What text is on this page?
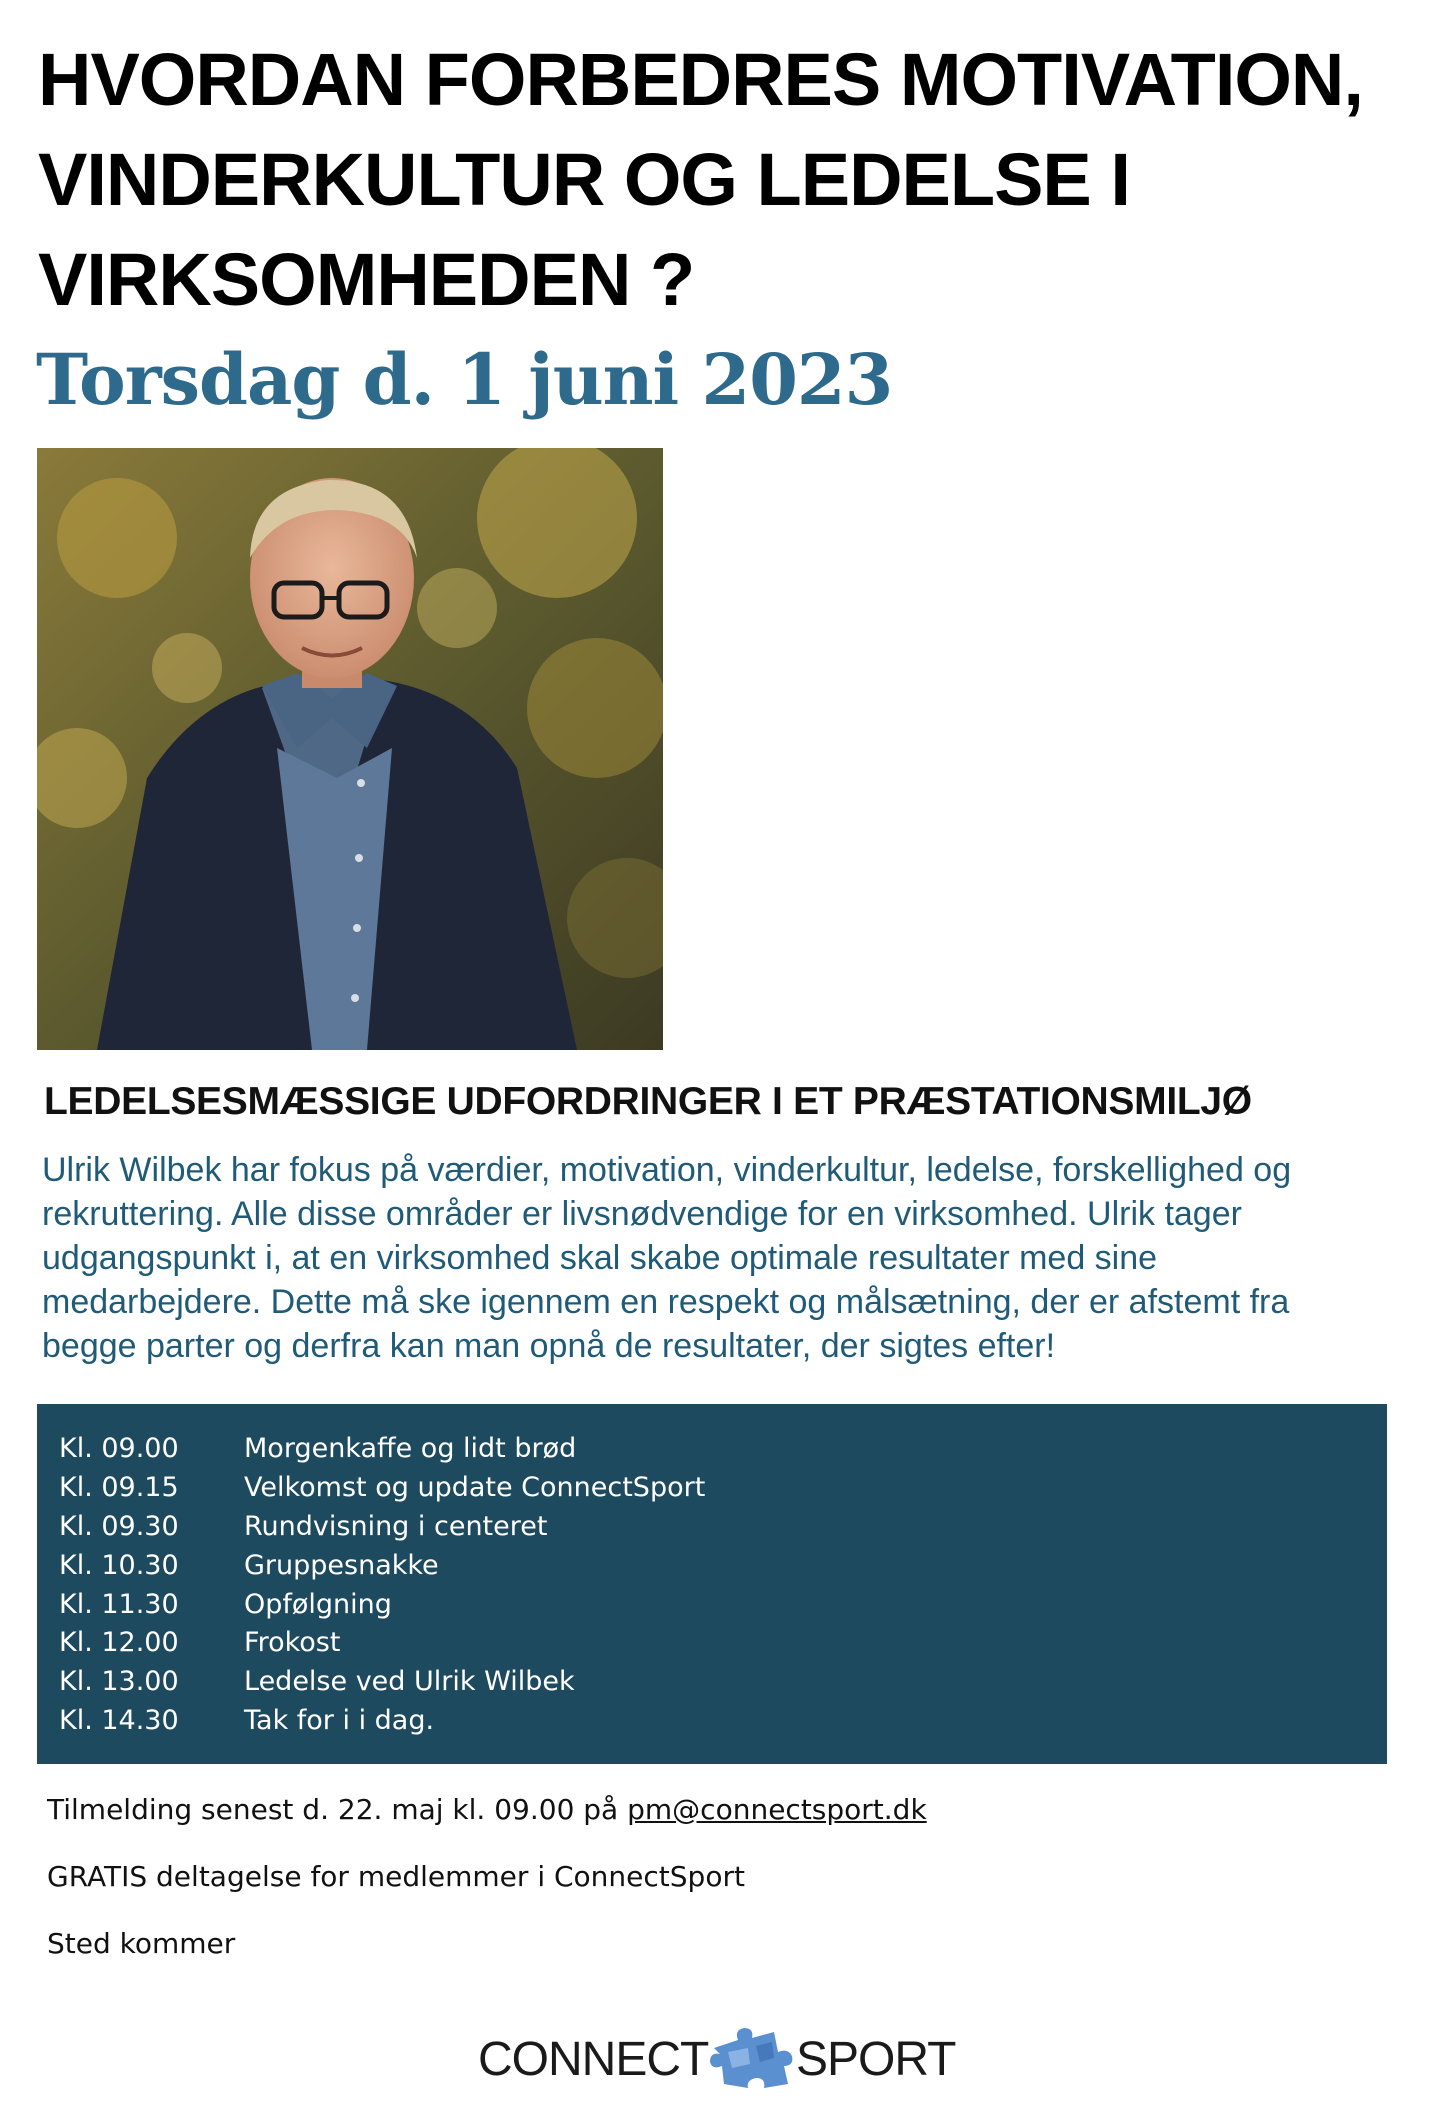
HVORDAN FORBEDRES MOTIVATION,
VINDERKULTUR OG LEDELSE I
VIRKSOMHEDEN ?
Torsdag d. 1 juni 2023
LEDELSESMÆSSIGE UDFORDRINGER I ET PRÆSTATIONSMILJØ

Ulrik Wilbek har fokus på værdier, motivation, vinderkultur, ledelse, forskellighed og
rekruttering. Alle disse områder er livsnødvendige for en virksomhed. Ulrik tager
udgangspunkt i, at en virksomhed skal skabe optimale resultater med sine
medarbejdere. Dette må ske igennem en respekt og målsætning, der er afstemt fra
begge parter og derfra kan man opnå de resultater, der sigtes efter!

Kl. 09.00 Morgenkaffe og lidt brød
Kl. 09.15 Velkomst og update ConnectSport
Kl. 09.30 Rundvisning i centeret
Kl. 10.30 Gruppesnakke
Kl. 11.30 Opfølgning
Kl. 12.00 Frokost
Kl. 13.00 Ledelse ved Ulrik Wilbek
Kl. 14.30 Tak for i i dag.
Tilmelding senest d. 22. maj kl. 09.00 på pm@connectsport.dk
GRATIS deltagelse for medlemmer i ConnectSport
Sted kommer
CONNECT SPORT
